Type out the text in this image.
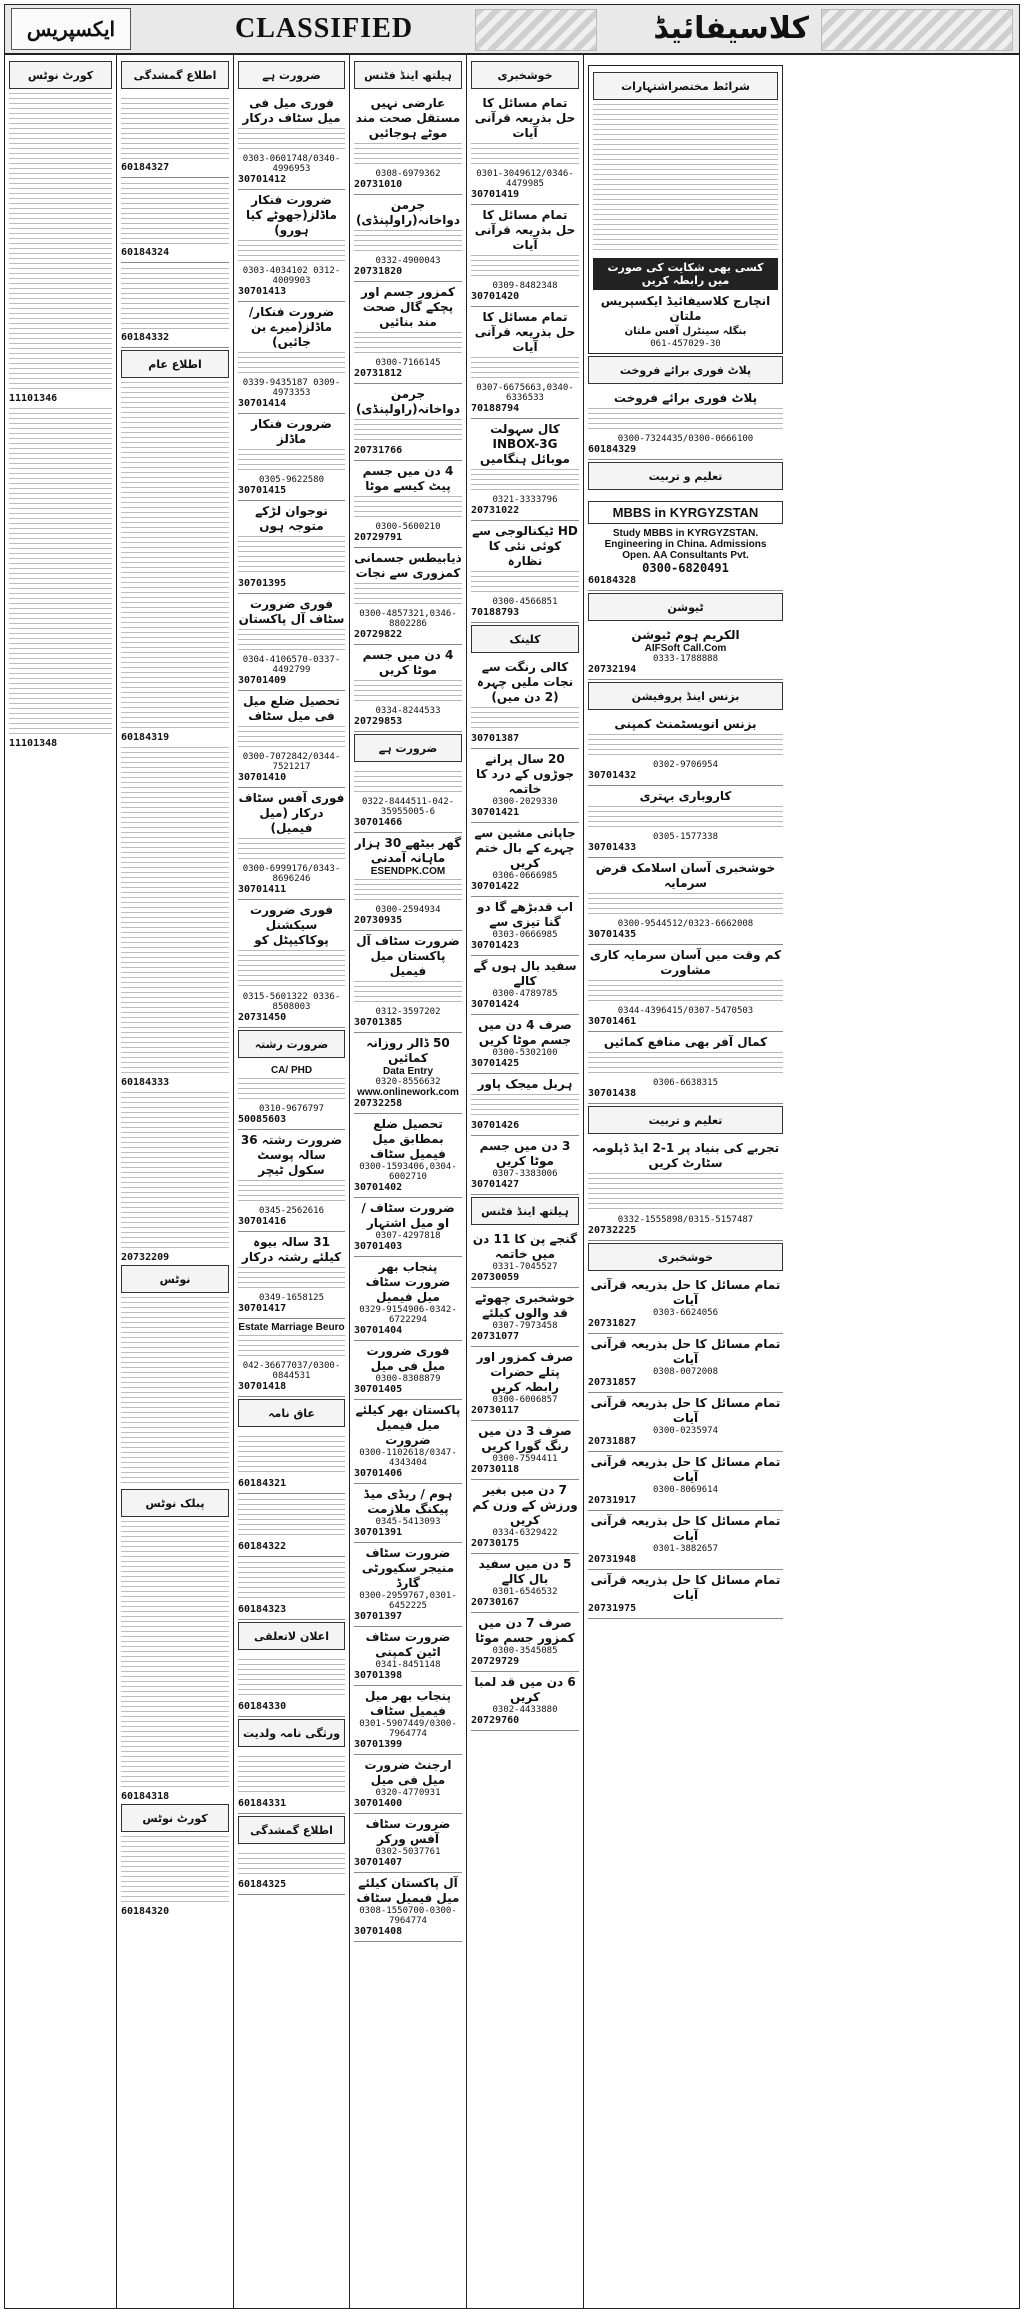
ایکسپریس	CLASSIFIED	کلاسیفائیڈ
کورٹ نوٹس
11101346
11101348
اطلاع گمشدگی
60184327
60184324
60184332
اطلاع عام
60184319
60184333
20732209
نوٹس
پبلک نوٹس
60184318
کورٹ نوٹس
60184320
ضرورت ہے
فوری میل فی میل سٹاف درکار
0303-0601748/0340-4996953
30701412
ضرورت فنکار ماڈلز(جھوٹے کیا ہورو)
0303-4034102 0312-4009903
30701413
ضرورت فنکار/ ماڈلز(میرے بن جائیں)
0339-9435187 0309-4973353
30701414
ضرورت فنکار ماڈلز
0305-9622580
30701415
نوجوان لڑکے متوجہ ہوں
30701395
فوری ضرورت سٹاف آل پاکستان
0304-4106570-0337-4492799
30701409
تحصیل ضلع میل فی میل سٹاف
0300-7072842/0344-7521217
30701410
فوری آفس سٹاف درکار (میل فیمیل)
0300-6999176/0343-8696246
30701411
فوری ضرورت سیکشنل پوکاکیپٹل کو
0315-5601322 0336-8508003
20731450
ضرورت رشتہ
CA/ PHD
0310-9676797
50085603
ضرورت رشتہ 36 سالہ پوسٹ سکول ٹیچر
0345-2562616
30701416
31 سالہ بیوہ کیلئے رشتہ درکار
0349-1658125
30701417
Estate Marriage Beuro
042-36677037/0300-0844531
30701418
عاق نامہ
60184321
60184322
60184323
اعلان لاتعلقی
60184330
ورثگی نامہ ولدیت
60184331
اطلاع گمشدگی
60184325
ہیلتھ اینڈ فٹنس
عارضی نہیں مستقل صحت مند موٹے ہوجائیں
0308-6979362
20731010
جرمن دواخانہ(راولپنڈی)
0332-4900043
20731820
کمزور جسم اور پچکے گال صحت مند بنائیں
0300-7166145
20731812
جرمن دواخانہ(راولپنڈی)
20731766
4 دن میں جسم پیٹ کیسے موٹا
0300-5600210
20729791
ذیابیطس جسمانی کمزوری سے نجات
0300-4857321,0346-8802286
20729822
4 دن میں جسم موٹا کریں
0334-8244533
20729853
ضرورت ہے
0322-8444511-042-35955005-6
30701466
گھر بیٹھے 30 ہزار ماہانہ آمدنی
ESENDPK.COM
0300-2594934
20730935
ضرورت سٹاف آل پاکستان میل فیمیل
0312-3597202
30701385
50 ڈالر روزانہ کمائیں
Data Entry
0320-8556632
www.onlinework.com
20732258
تحصیل ضلع بمطابق میل فیمیل سٹاف
0300-1593406,0304-6002710
30701402
ضرورت سٹاف / او میل اشتہار
0307-4297818
30701403
پنجاب بھر ضرورت سٹاف میل فیمیل
0329-9154906-0342-6722294
30701404
فوری ضرورت میل فی میل
0300-8308879
30701405
پاکستان بھر کیلئے میل فیمیل ضرورت
0300-1102618/0347-4343404
30701406
ہوم / ریڈی میڈ پیکنگ ملازمت
0345-5413093
30701391
ضرورت سٹاف منیجر سکیورٹی گارڈ
0300-2959767,0301-6452225
30701397
ضرورت سٹاف اٹین کمپنی
0341-8451148
30701398
پنجاب بھر میل فیمیل سٹاف
0301-5907449/0300-7964774
30701399
ارجنٹ ضرورت میل فی میل
0320-4770931
30701400
ضرورت سٹاف آفس ورکر
0302-5037761
30701407
آل پاکستان کیلئے میل فیمیل سٹاف
0308-1550700-0300-7964774
30701408
خوشخبری
تمام مسائل کا حل بذریعہ قرآنی آیات
0301-3049612/0346-4479985
30701419
تمام مسائل کا حل بذریعہ قرآنی آیات
0309-8482348
30701420
تمام مسائل کا حل بذریعہ قرآنی آیات
0307-6675663,0340-6336533
70188794
کال سہولت INBOX-3G موبائل ہنگامیں
0321-3333796
20731022
HD ٹیکنالوجی سے کوئی نئی کا نظارہ
0300-4566851
70188793
کلینک
کالی رنگت سے نجات ملیں چہرہ (2 دن میں)
30701387
20 سال پرانے جوڑوں کے درد کا خاتمہ
0300-2029330
30701421
جاپانی مشین سے چہرے کے بال ختم کریں
0306-0666985
30701422
اب قدبڑھے گا دو گنا تیزی سے
0303-0666985
30701423
سفید بال ہوں گے کالے
0300-4789785
30701424
صرف 4 دن میں جسم موٹا کریں
0300-5302100
30701425
ہربل میجک پاور
30701426
3 دن میں جسم موٹا کریں
0307-3383006
30701427
ہیلتھ اینڈ فٹنس
گنجے پن کا 11 دن میں خاتمہ
0331-7045527
20730059
خوشخبری چھوٹے قد والوں کیلئے
0307-7973458
20731077
صرف کمزور اور پتلے حضرات رابطہ کریں
0300-6006857
20730117
صرف 3 دن میں رنگ گورا کریں
0300-7594411
20730118
7 دن میں بغیر ورزش کے وزن کم کریں
0334-6329422
20730175
5 دن میں سفید بال کالے
0301-6546532
20730167
صرف 7 دن میں کمزور جسم موٹا
0300-3545085
20729729
6 دن میں قد لمبا کریں
0302-4433880
20729760
شرائط مختصراشتہارات
کسی بھی شکایت کی صورت میں رابطہ کریں
انچارج کلاسیفائیڈ ایکسپریس ملتان
بنگلہ سینٹرل آفس ملتان
061-457029-30
پلاٹ فوری برائے فروخت
پلاٹ فوری برائے فروخت
0300-7324435/0300-0666100
60184329
تعلیم و تربیت
MBBS in KYRGYZSTAN
Study MBBS in KYRGYZSTAN.
Engineering in China. Admissions
Open. AA Consultants Pvt.
0300-6820491
60184328
ٹیوشن
الکریم ہوم ٹیوشن
AIFSoft Call.Com
0333-1788888
20732194
بزنس اینڈ پروفیشن
بزنس انویسٹمنٹ کمپنی
0302-9706954
30701432
کاروباری بہتری
0305-1577338
30701433
خوشخبری آسان اسلامک قرض سرمایہ
0300-9544512/0323-6662008
30701435
کم وقت میں آسان سرمایہ کاری مشاورت
0344-4396415/0307-5470503
30701461
کمال آفر بھی منافع کمائیں
0306-6638315
30701438
تعلیم و تربیت
تجربے کی بنیاد پر 1-2 ایڈ ڈپلومہ سٹارٹ کریں
0332-1555898/0315-5157487
20732225
خوشخبری
تمام مسائل کا حل بذریعہ قرآنی آیات
0303-6624056
20731827
تمام مسائل کا حل بذریعہ قرآنی آیات
0308-0072008
20731857
تمام مسائل کا حل بذریعہ قرآنی آیات
0300-0235974
20731887
تمام مسائل کا حل بذریعہ قرآنی آیات
0300-8069614
20731917
تمام مسائل کا حل بذریعہ قرآنی آیات
0301-3882657
20731948
تمام مسائل کا حل بذریعہ قرآنی آیات
20731975
